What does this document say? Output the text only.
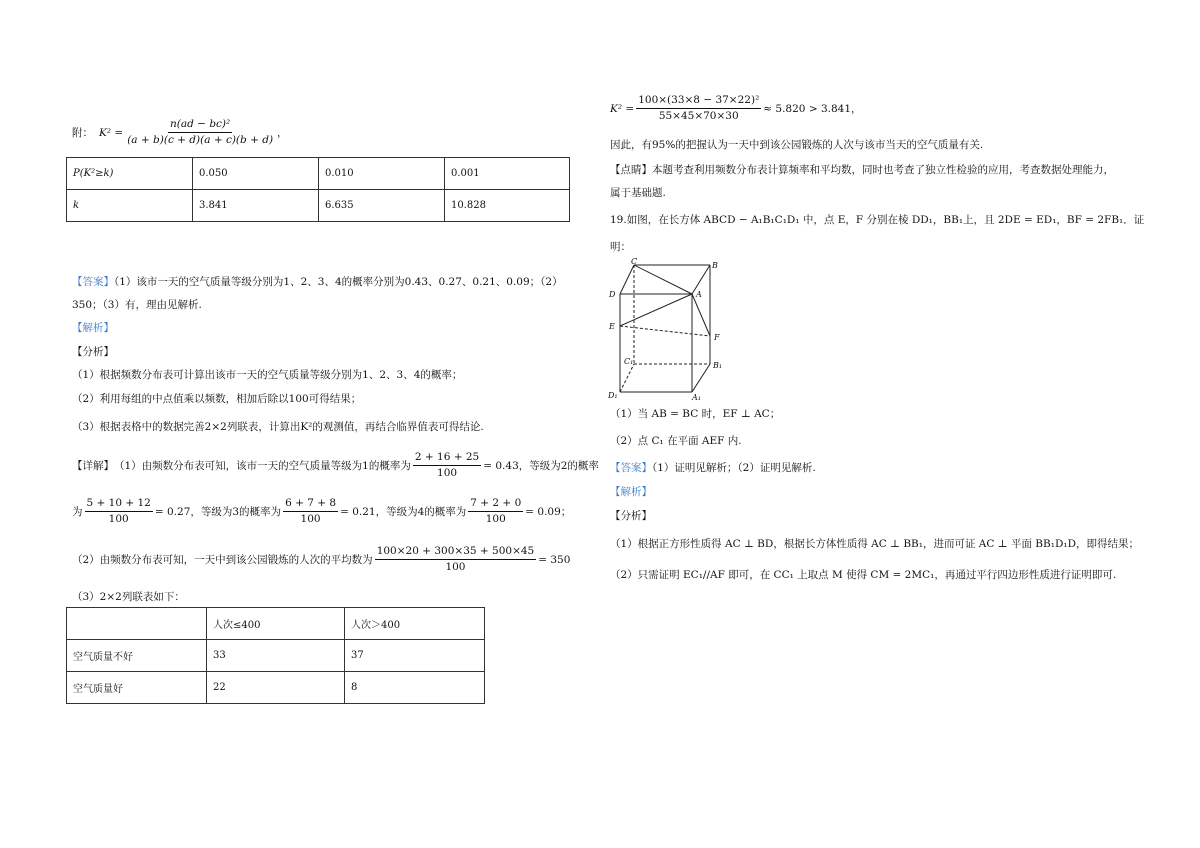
附： $K^2 = \frac{\text{n(ad − bc)²}}{(a + b)(c + d)(a + c)(b + d)}$ ，
P(K²≥k)	0.050	0.010	0.001
k	3.841	6.635	10.828
【答案】（1）该市一天的空气质量等级分别为1、2、3、4的概率分别为0.43、0.27、0.21、0.09；（2）
350；（3）有，理由见解析.
【解析】
【分析】
（1）根据频数分布表可计算出该市一天的空气质量等级分别为1、2、3、4的概率；
（2）利用每组的中点值乘以频数，相加后除以100可得结果；
（3）根据表格中的数据完善2×2列联表，计算出K²的观测值，再结合临界值表可得结论.
【详解】 （1）由频数分布表可知，该市一天的空气质量等级为1的概率为 $\frac{2 + 16 + 25}{100} = 0.43$ ，等级为2的概率
为 $\frac{5 + 10 + 12}{100} = 0.27$ ，等级为3的概率为 $\frac{6 + 7 + 8}{100} = 0.21$ ，等级为4的概率为 $\frac{7 + 2 + 0}{100} = 0.09$ ；
（2）由频数分布表可知，一天中到该公园锻炼的人次的平均数为 $\frac{100\times 20 + 300\times 35 + 500\times 45}{100} = 350$
（3）2×2列联表如下：
	人次≤400	人次＞400
空气质量不好	33	37
空气质量好	22	8
$K^2 = \frac{\text{100×(33×8 − 37×22)²}}{55\times 45\times 70\times 30} \approx 5.820 > 3.841$，
因此，有95%的把握认为一天中到该公园锻炼的人次与该市当天的空气质量有关.
【点睛】本题考查利用频数分布表计算频率和平均数，同时也考查了独立性检验的应用，考查数据处理能力，
属于基础题.
19.如图，在长方体 ABCD − A₁B₁C₁D₁ 中，点 E，F 分别在棱 DD₁，BB₁上，且 2DE = ED₁，BF = 2FB₁．证
明：
C	B
D	A
E
F
C₁	B₁
D₁	A₁
（1）当 AB = BC 时，EF ⊥ AC；
（2）点 C₁ 在平面 AEF 内.
【答案】（1）证明见解析；（2）证明见解析.
【解析】
【分析】
（1）根据正方形性质得 AC ⊥ BD，根据长方体性质得 AC ⊥ BB₁，进而可证 AC ⊥ 平面 BB₁D₁D，即得结果；
（2）只需证明 EC₁//AF 即可，在 CC₁ 上取点 M 使得 CM = 2MC₁，再通过平行四边形性质进行证明即可.
